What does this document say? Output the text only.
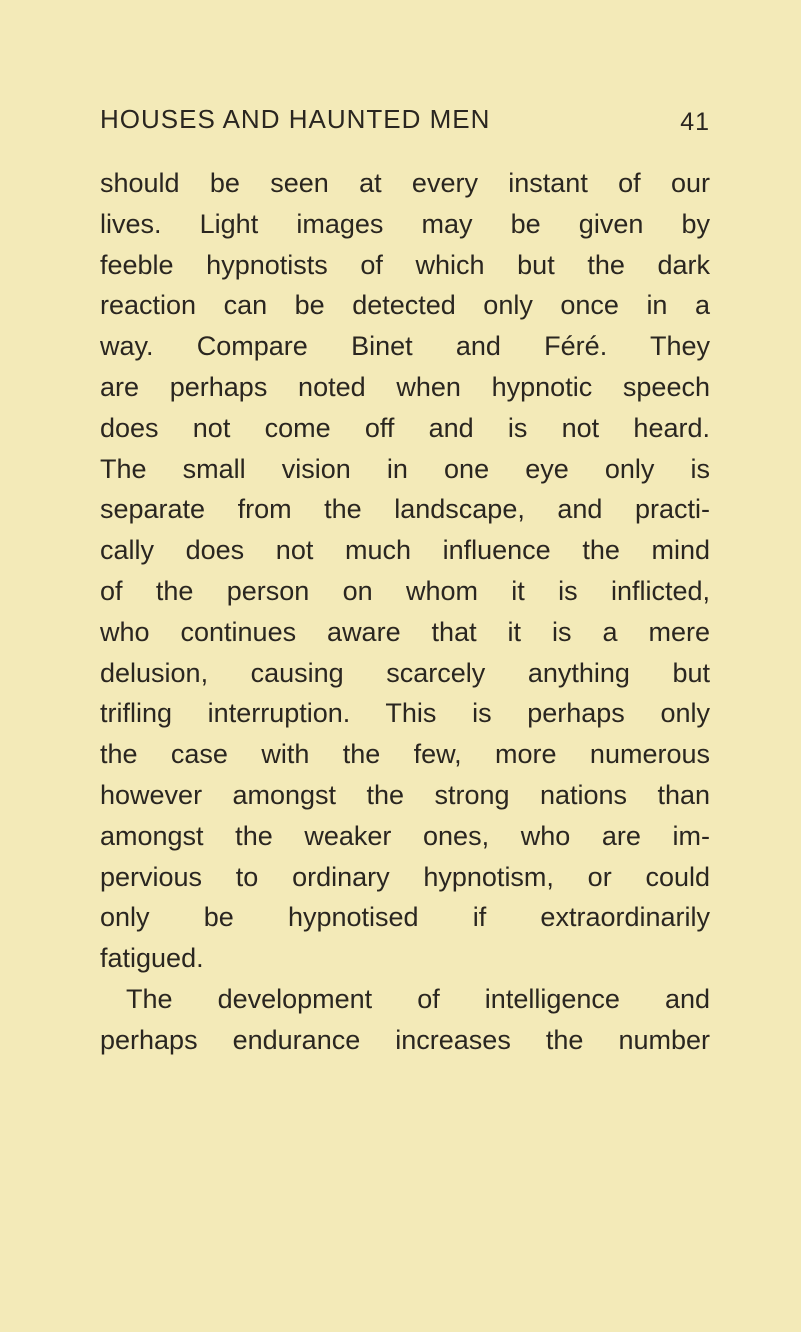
HOUSES AND HAUNTED MEN	41
should be seen at every instant of our
lives. Light images may be given by
feeble hypnotists of which but the dark
reaction can be detected only once in a
way. Compare Binet and Féré. They
are perhaps noted when hypnotic speech
does not come off and is not heard.
The small vision in one eye only is
separate from the landscape, and practi-
cally does not much influence the mind
of the person on whom it is inflicted,
who continues aware that it is a mere
delusion, causing scarcely anything but
trifling interruption. This is perhaps only
the case with the few, more numerous
however amongst the strong nations than
amongst the weaker ones, who are im-
pervious to ordinary hypnotism, or could
only be hypnotised if extraordinarily
fatigued.
The development of intelligence and
perhaps endurance increases the number
